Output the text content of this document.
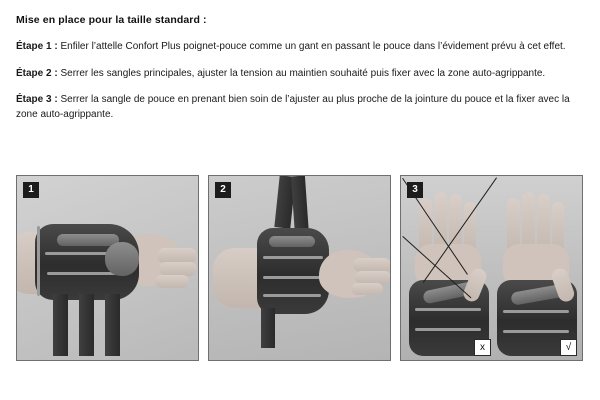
Mise en place pour la taille standard :

Étape 1 : Enfiler l’attelle Confort Plus poignet-pouce comme un gant en passant le pouce dans l’évidement prévu à cet effet.

Étape 2 : Serrer les sangles principales, ajuster la tension au maintien souhaité puis fixer avec la zone auto-agrippante.

Étape 3 : Serrer la sangle de pouce en prenant bien soin de l’ajuster au plus proche de la jointure du pouce et la fixer avec la zone auto-agrippante.

1	2	3
x	√
